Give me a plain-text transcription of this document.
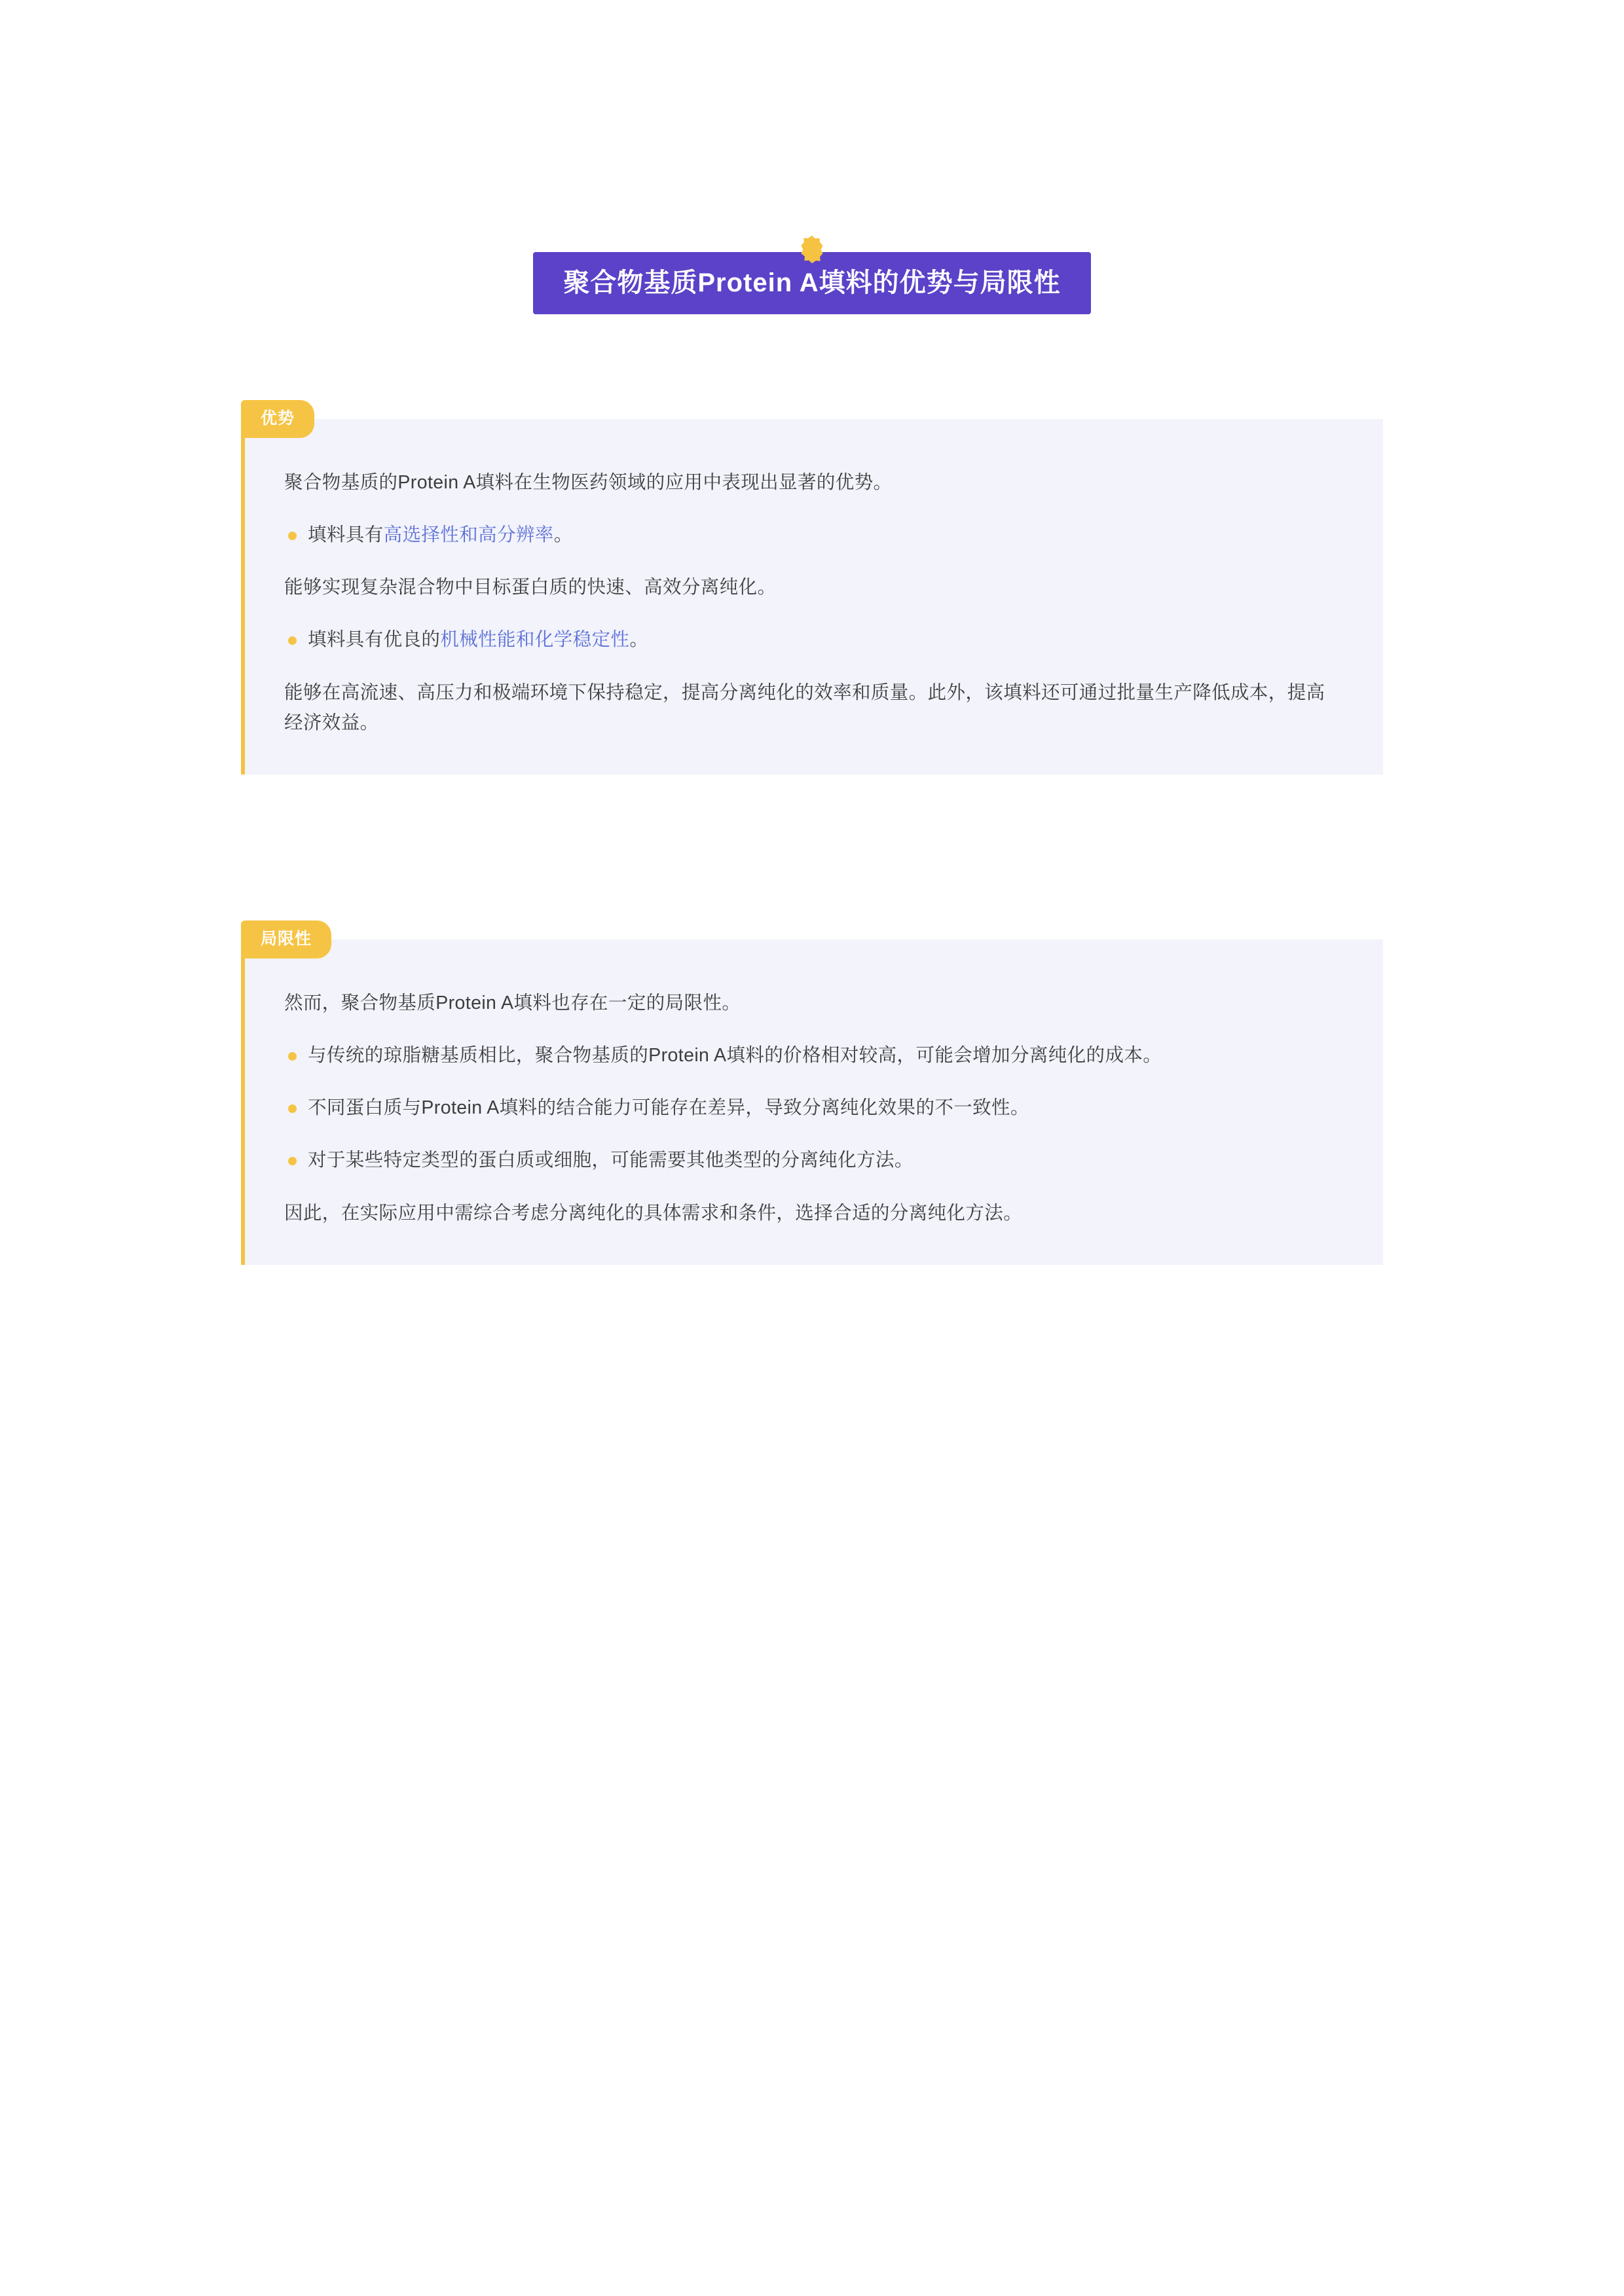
聚合物基质Protein A填料的优势与局限性
优势

聚合物基质的Protein A填料在生物医药领域的应用中表现出显著的优势。

填料具有高选择性和高分辨率。

能够实现复杂混合物中目标蛋白质的快速、高效分离纯化。

填料具有优良的机械性能和化学稳定性。

能够在高流速、高压力和极端环境下保持稳定，提高分离纯化的效率和质量。此外，该填料还可通过批量生产降低成本，提高经济效益。

局限性

然而，聚合物基质Protein A填料也存在一定的局限性。

与传统的琼脂糖基质相比，聚合物基质的Protein A填料的价格相对较高，可能会增加分离纯化的成本。

不同蛋白质与Protein A填料的结合能力可能存在差异，导致分离纯化效果的不一致性。

对于某些特定类型的蛋白质或细胞，可能需要其他类型的分离纯化方法。

因此，在实际应用中需综合考虑分离纯化的具体需求和条件，选择合适的分离纯化方法。
